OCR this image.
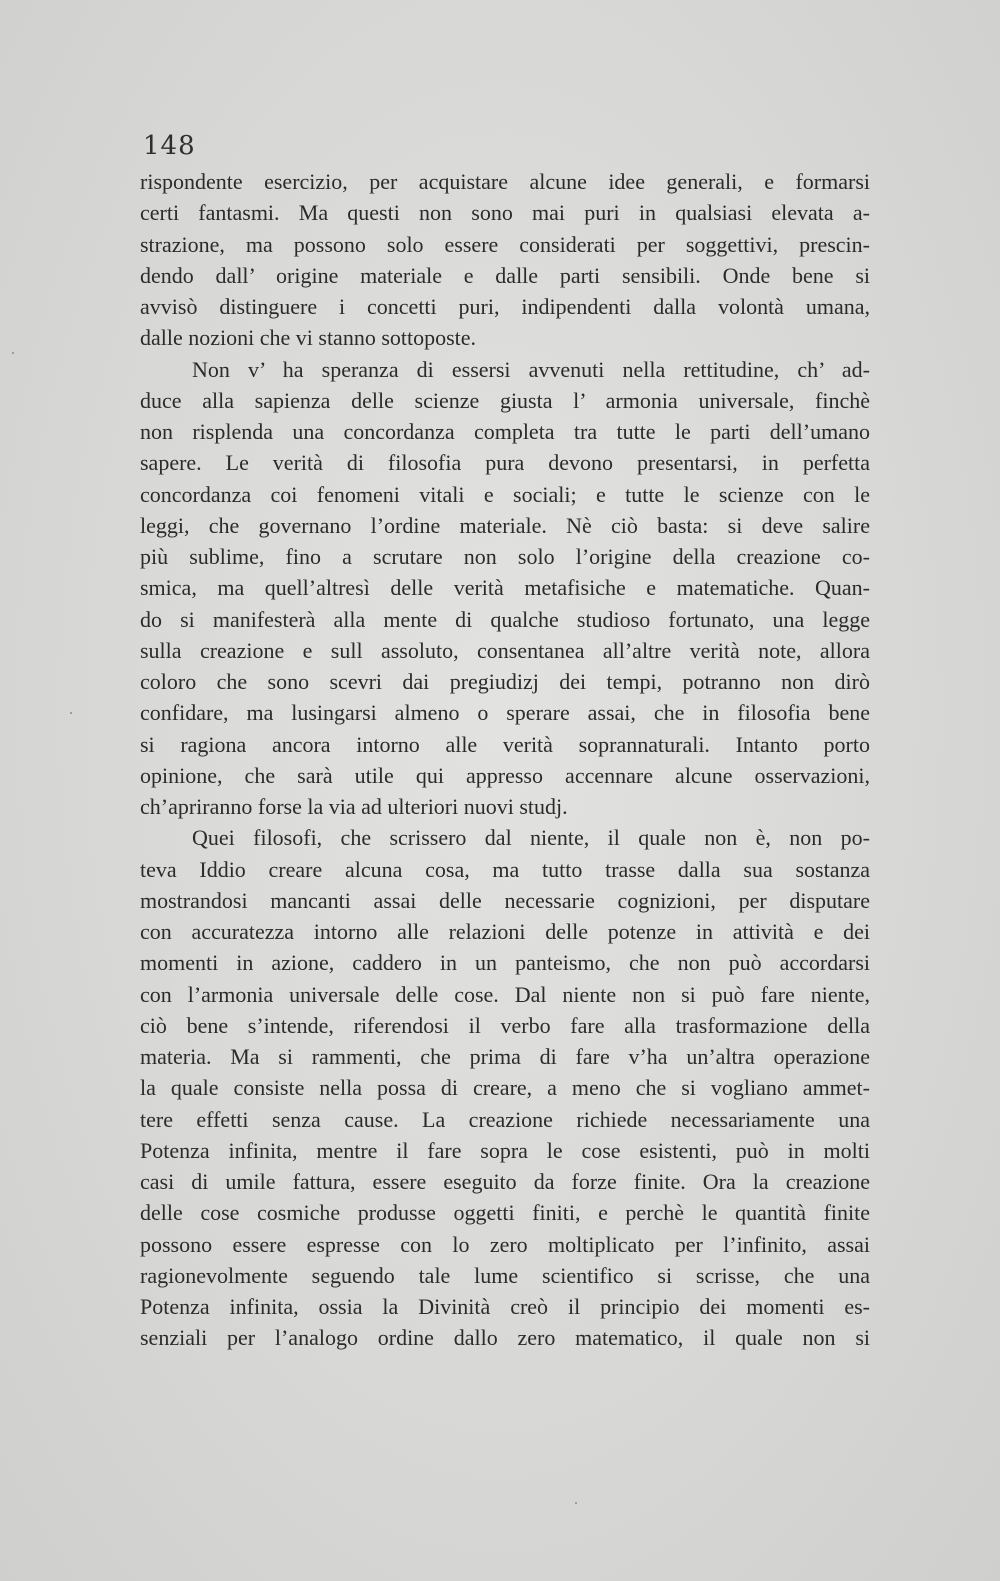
148
rispondente esercizio, per acquistare alcune idee generali, e formarsi
certi fantasmi. Ma questi non sono mai puri in qualsiasi elevata a-
strazione, ma possono solo essere considerati per soggettivi, prescin-
dendo dall’ origine materiale e dalle parti sensibili. Onde bene si
avvisò distinguere i concetti puri, indipendenti dalla volontà umana,
dalle nozioni che vi stanno sottoposte.
Non v’ ha speranza di essersi avvenuti nella rettitudine, ch’ ad-
duce alla sapienza delle scienze giusta l’ armonia universale, finchè
non risplenda una concordanza completa tra tutte le parti dell’umano
sapere. Le verità di filosofia pura devono presentarsi, in perfetta
concordanza coi fenomeni vitali e sociali; e tutte le scienze con le
leggi, che governano l’ordine materiale. Nè ciò basta: si deve salire
più sublime, fino a scrutare non solo l’origine della creazione co-
smica, ma quell’altresì delle verità metafisiche e matematiche. Quan-
do si manifesterà alla mente di qualche studioso fortunato, una legge
sulla creazione e sull assoluto, consentanea all’altre verità note, allora
coloro che sono scevri dai pregiudizj dei tempi, potranno non dirò
confidare, ma lusingarsi almeno o sperare assai, che in filosofia bene
si ragiona ancora intorno alle verità soprannaturali. Intanto porto
opinione, che sarà utile qui appresso accennare alcune osservazioni,
ch’apriranno forse la via ad ulteriori nuovi studj.
Quei filosofi, che scrissero dal niente, il quale non è, non po-
teva Iddio creare alcuna cosa, ma tutto trasse dalla sua sostanza
mostrandosi mancanti assai delle necessarie cognizioni, per disputare
con accuratezza intorno alle relazioni delle potenze in attività e dei
momenti in azione, caddero in un panteismo, che non può accordarsi
con l’armonia universale delle cose. Dal niente non si può fare niente,
ciò bene s’intende, riferendosi il verbo fare alla trasformazione della
materia. Ma si rammenti, che prima di fare v’ha un’altra operazione
la quale consiste nella possa di creare, a meno che si vogliano ammet-
tere effetti senza cause. La creazione richiede necessariamente una
Potenza infinita, mentre il fare sopra le cose esistenti, può in molti
casi di umile fattura, essere eseguito da forze finite. Ora la creazione
delle cose cosmiche produsse oggetti finiti, e perchè le quantità finite
possono essere espresse con lo zero moltiplicato per l’infinito, assai
ragionevolmente seguendo tale lume scientifico si scrisse, che una
Potenza infinita, ossia la Divinità creò il principio dei momenti es-
senziali per l’analogo ordine dallo zero matematico, il quale non si
